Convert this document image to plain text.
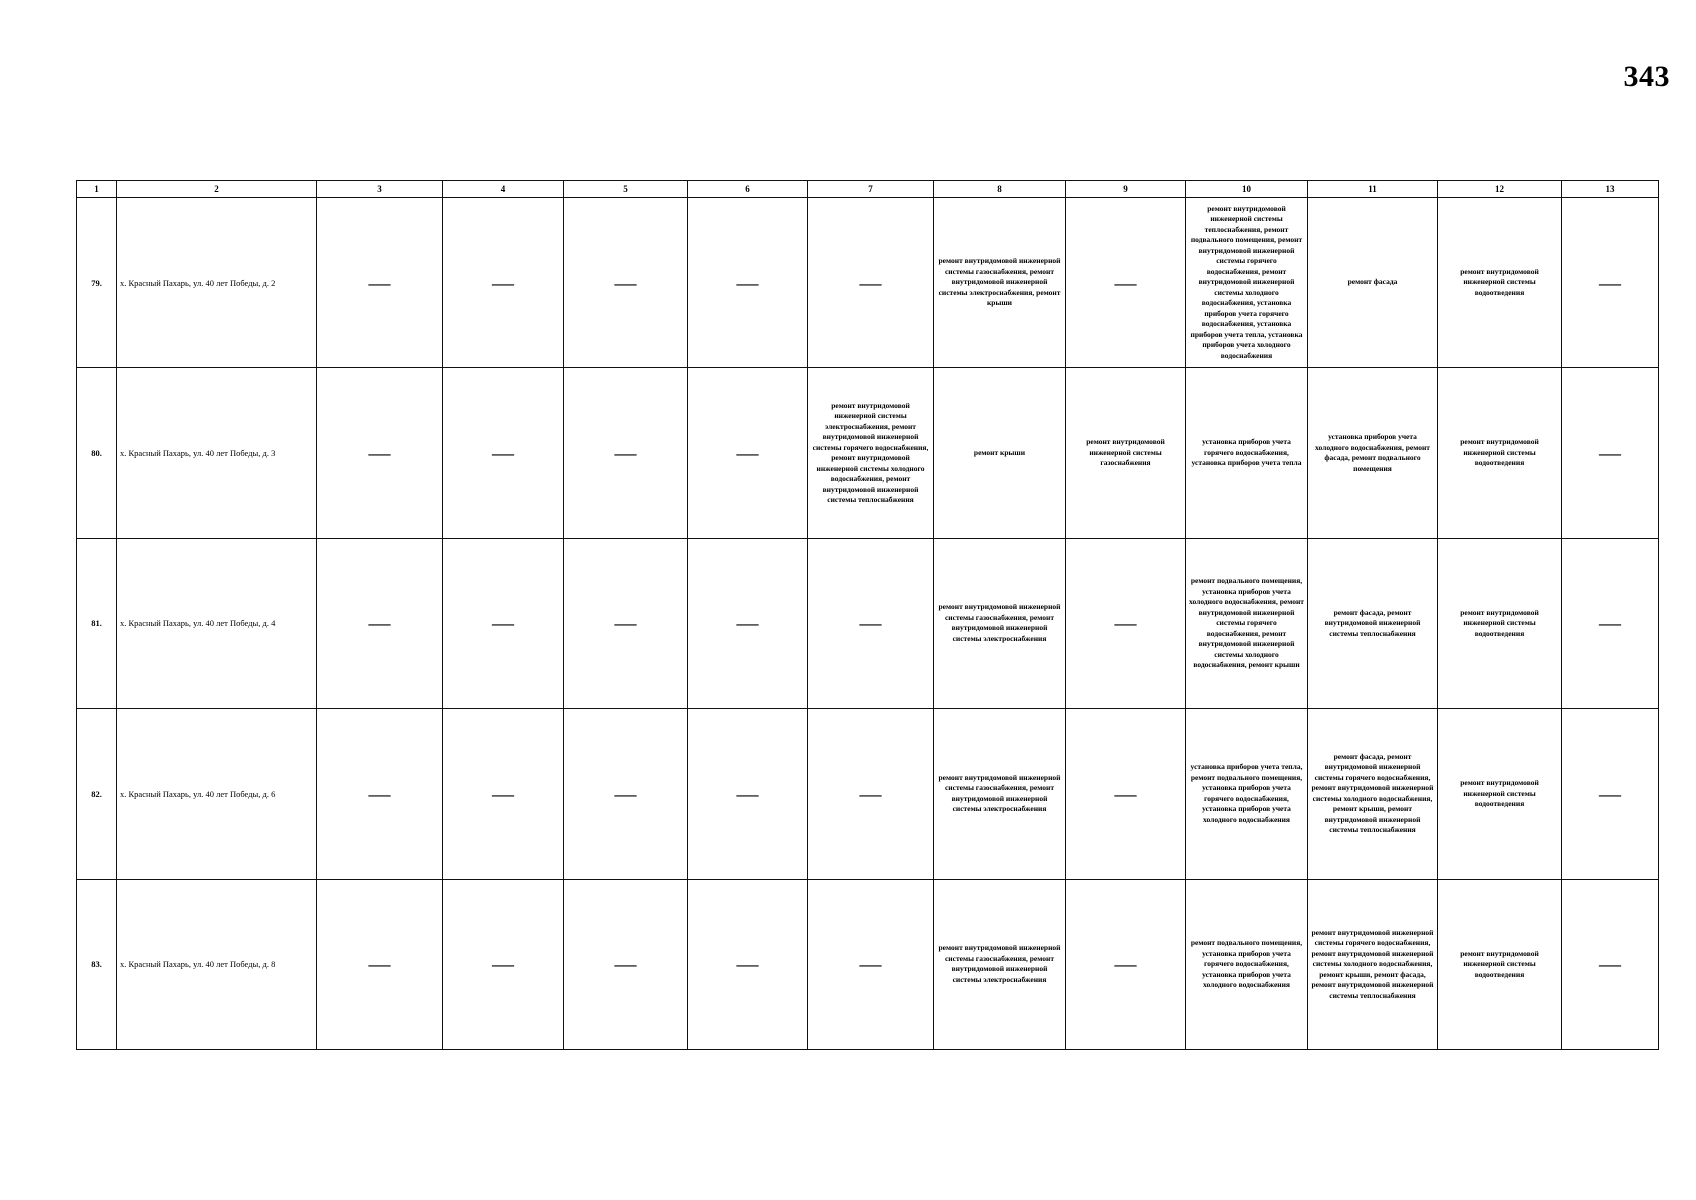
343
1	2	3	4	5	6	7	8	9	10	11	12	13
79.	х. Красный Пахарь, ул. 40 лет Победы, д. 2	—	—	—	—	—	ремонт внутридомовой инженерной системы газоснабжения, ремонт внутридомовой инженерной системы электроснабжения, ремонт крыши	—	ремонт внутридомовой инженерной системы теплоснабжения, ремонт подвального помещения, ремонт внутридомовой инженерной системы горячего водоснабжения, ремонт внутридомовой инженерной системы холодного водоснабжения, установка приборов учета горячего водоснабжения, установка приборов учета тепла, установка приборов учета холодного водоснабжения	ремонт фасада	ремонт внутридомовой инженерной системы водоотведения	—
80.	х. Красный Пахарь, ул. 40 лет Победы, д. 3	—	—	—	—	ремонт внутридомовой инженерной системы электроснабжения, ремонт внутридомовой инженерной системы горячего водоснабжения, ремонт внутридомовой инженерной системы холодного водоснабжения, ремонт внутридомовой инженерной системы теплоснабжения	ремонт крыши	ремонт внутридомовой инженерной системы газоснабжения	установка приборов учета горячего водоснабжения, установка приборов учета тепла	установка приборов учета холодного водоснабжения, ремонт фасада, ремонт подвального помещения	ремонт внутридомовой инженерной системы водоотведения	—
81.	х. Красный Пахарь, ул. 40 лет Победы, д. 4	—	—	—	—	—	ремонт внутридомовой инженерной системы газоснабжения, ремонт внутридомовой инженерной системы электроснабжения	—	ремонт подвального помещения, установка приборов учета холодного водоснабжения, ремонт внутридомовой инженерной системы горячего водоснабжения, ремонт внутридомовой инженерной системы холодного водоснабжения, ремонт крыши	ремонт фасада, ремонт внутридомовой инженерной системы теплоснабжения	ремонт внутридомовой инженерной системы водоотведения	—
82.	х. Красный Пахарь, ул. 40 лет Победы, д. 6	—	—	—	—	—	ремонт внутридомовой инженерной системы газоснабжения, ремонт внутридомовой инженерной системы электроснабжения	—	установка приборов учета тепла, ремонт подвального помещения, установка приборов учета горячего водоснабжения, установка приборов учета холодного водоснабжения	ремонт фасада, ремонт внутридомовой инженерной системы горячего водоснабжения, ремонт внутридомовой инженерной системы холодного водоснабжения, ремонт крыши, ремонт внутридомовой инженерной системы теплоснабжения	ремонт внутридомовой инженерной системы водоотведения	—
83.	х. Красный Пахарь, ул. 40 лет Победы, д. 8	—	—	—	—	—	ремонт внутридомовой инженерной системы газоснабжения, ремонт внутридомовой инженерной системы электроснабжения	—	ремонт подвального помещения, установка приборов учета горячего водоснабжения, установка приборов учета холодного водоснабжения	ремонт внутридомовой инженерной системы горячего водоснабжения, ремонт внутридомовой инженерной системы холодного водоснабжения, ремонт крыши, ремонт фасада, ремонт внутридомовой инженерной системы теплоснабжения	ремонт внутридомовой инженерной системы водоотведения	—
